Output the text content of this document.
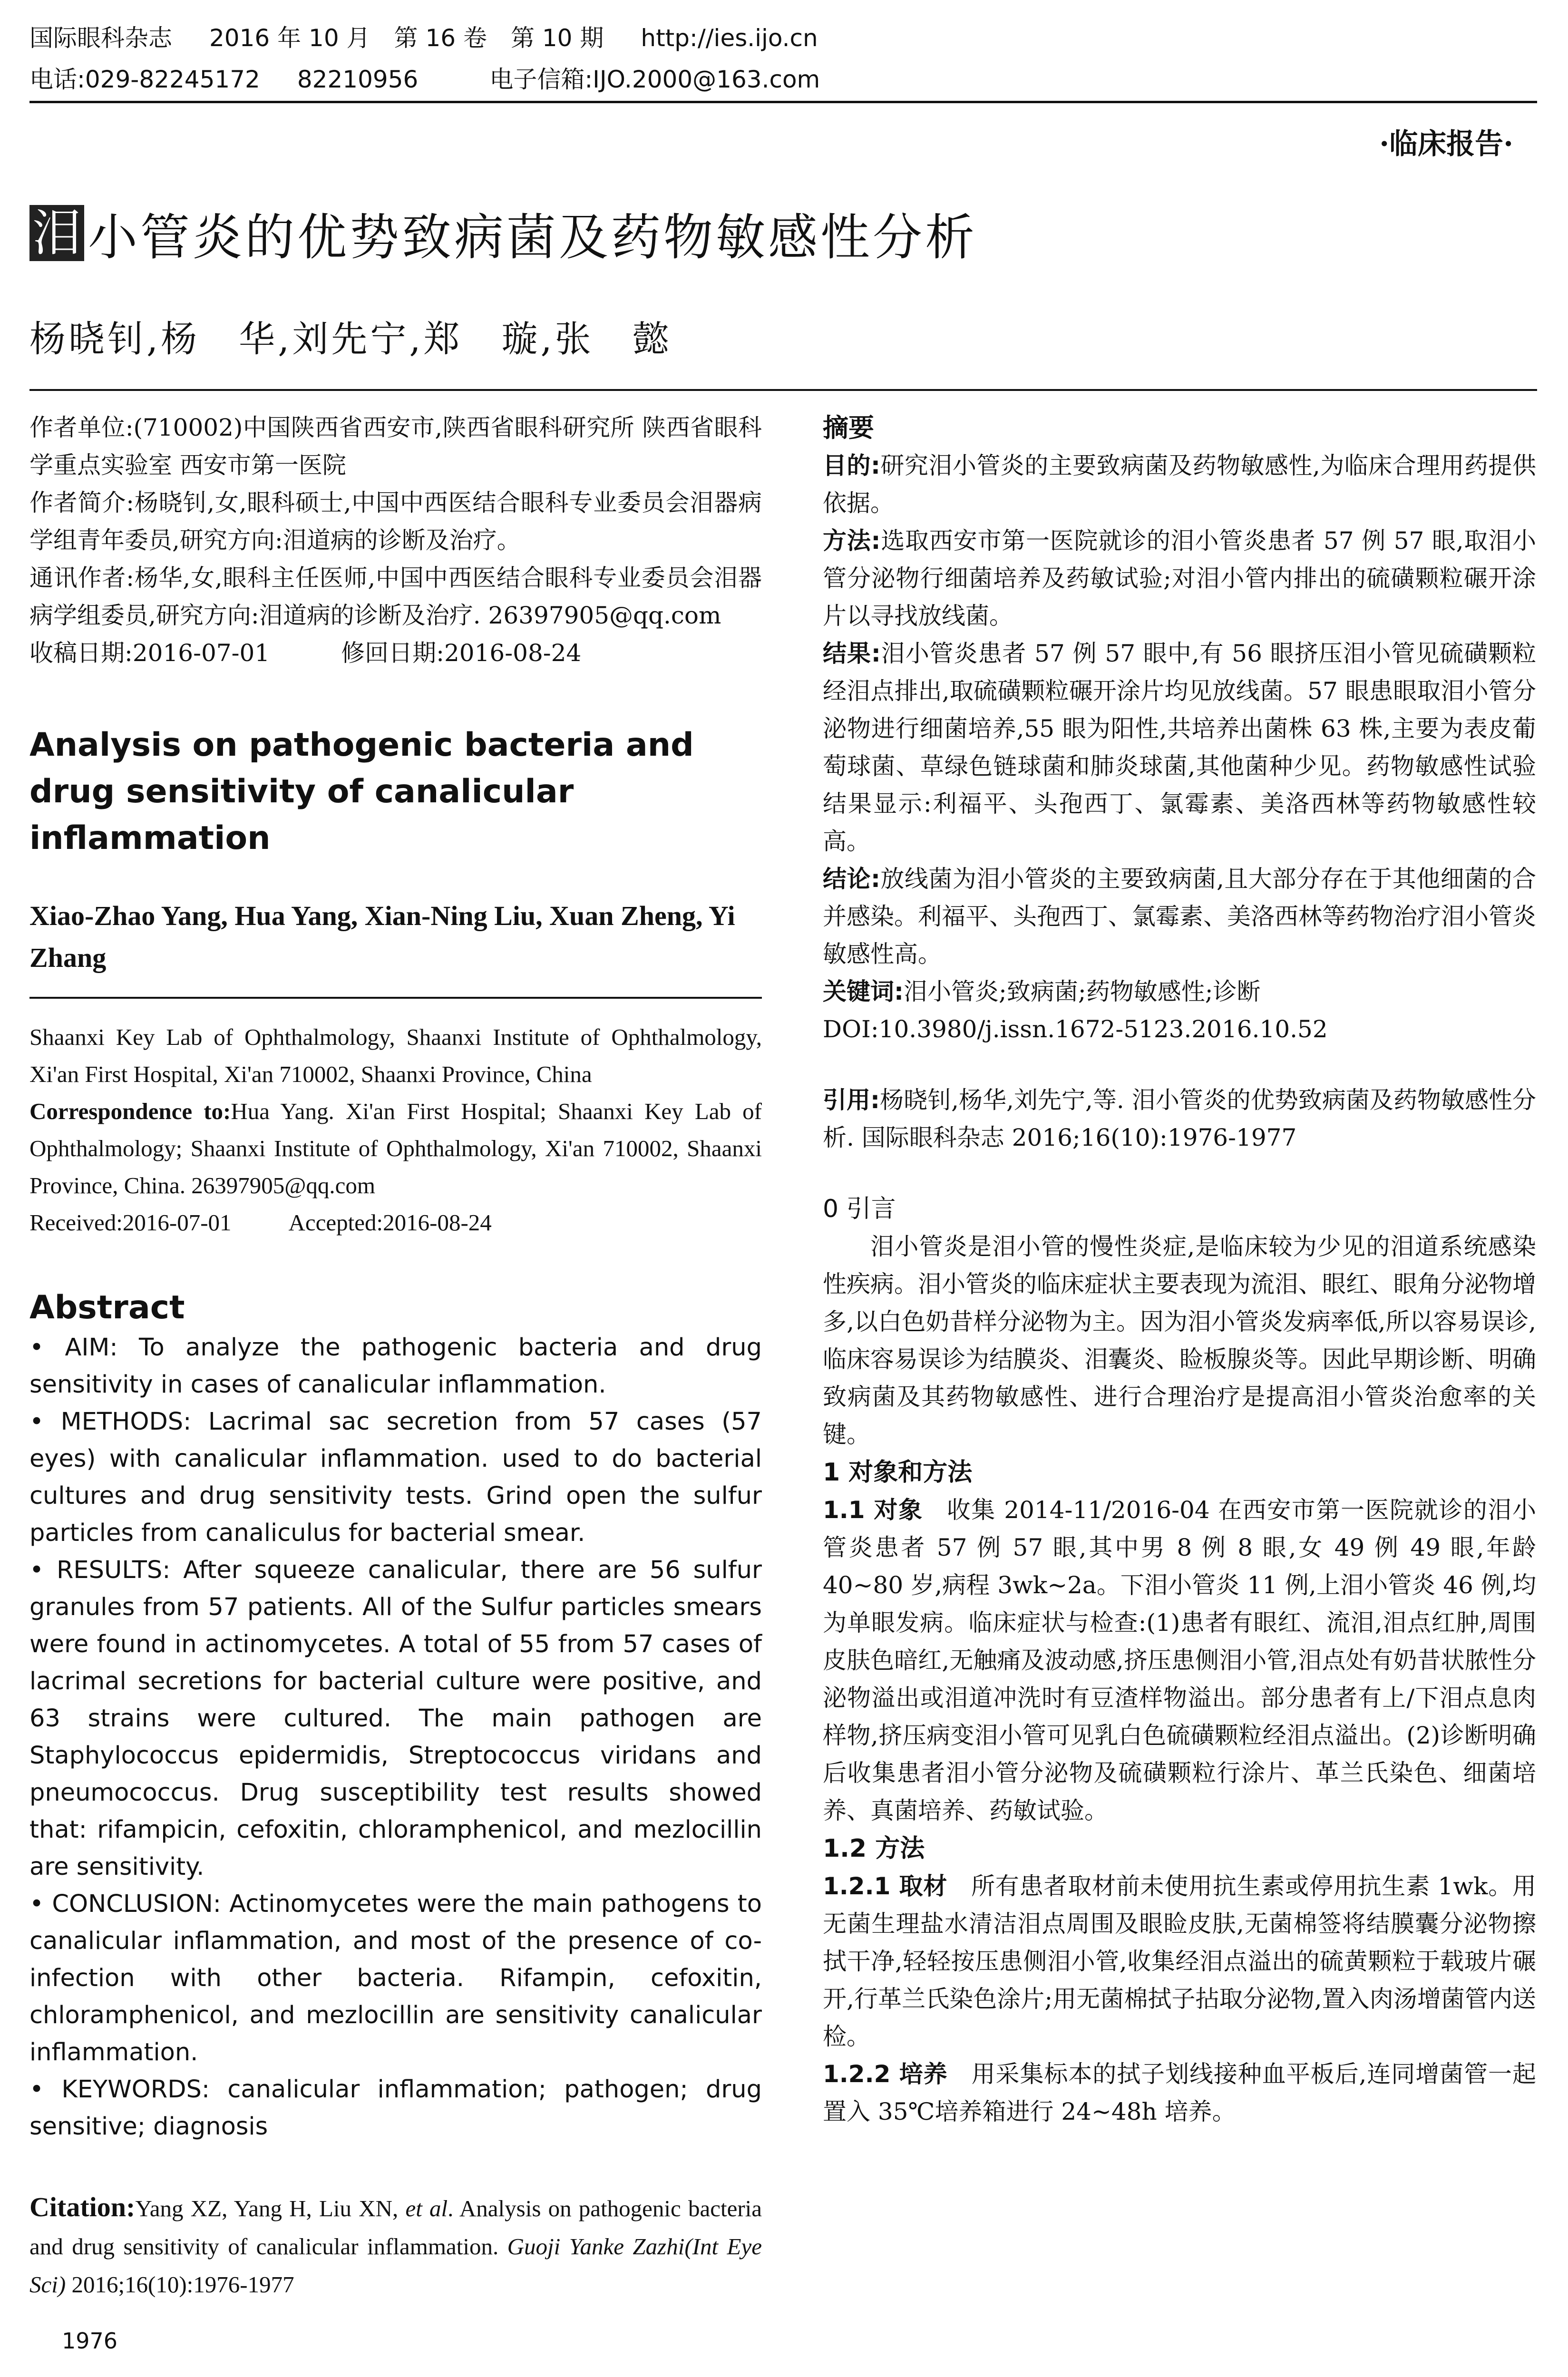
国际眼科杂志 2016 年 10 月　第 16 卷　第 10 期 http://ies.ijo.cn
电话:029-82245172 82210956	电子信箱:IJO.2000@163.com
·临床报告·
泪 小管炎的优势致病菌及药物敏感性分析
杨晓钊,杨　华,刘先宁,郑　璇,张　懿

作者单位:(710002)中国陕西省西安市,陕西省眼科研究所 陕西省眼科学重点实验室 西安市第一医院

作者简介:杨晓钊,女,眼科硕士,中国中西医结合眼科专业委员会泪器病学组青年委员,研究方向:泪道病的诊断及治疗。

通讯作者:杨华,女,眼科主任医师,中国中西医结合眼科专业委员会泪器病学组委员,研究方向:泪道病的诊断及治疗. 26397905@qq.com

收稿日期:2016-07-01	修回日期:2016-08-24

Analysis on pathogenic bacteria and drug sensitivity of canalicular inflammation
Xiao-Zhao Yang, Hua Yang, Xian-Ning Liu, Xuan Zheng, Yi Zhang

Shaanxi Key Lab of Ophthalmology, Shaanxi Institute of Ophthalmology, Xi'an First Hospital, Xi'an 710002, Shaanxi Province, China

Correspondence to:Hua Yang. Xi'an First Hospital; Shaanxi Key Lab of Ophthalmology; Shaanxi Institute of Ophthalmology, Xi'an 710002, Shaanxi Province, China. 26397905@qq.com

Received:2016-07-01 Accepted:2016-08-24

Abstract

• AIM: To analyze the pathogenic bacteria and drug sensitivity in cases of canalicular inflammation.

• METHODS: Lacrimal sac secretion from 57 cases (57 eyes) with canalicular inflammation. used to do bacterial cultures and drug sensitivity tests. Grind open the sulfur particles from canaliculus for bacterial smear.

• RESULTS: After squeeze canalicular, there are 56 sulfur granules from 57 patients. All of the Sulfur particles smears were found in actinomycetes. A total of 55 from 57 cases of lacrimal secretions for bacterial culture were positive, and 63 strains were cultured. The main pathogen are Staphylococcus epidermidis, Streptococcus viridans and pneumococcus. Drug susceptibility test results showed that: rifampicin, cefoxitin, chloramphenicol, and mezlocillin are sensitivity.

• CONCLUSION: Actinomycetes were the main pathogens to canalicular inflammation, and most of the presence of co-infection with other bacteria. Rifampin, cefoxitin, chloramphenicol, and mezlocillin are sensitivity canalicular inflammation.

• KEYWORDS: canalicular inflammation; pathogen; drug sensitive; diagnosis

Citation:Yang XZ, Yang H, Liu XN, et al. Analysis on pathogenic bacteria and drug sensitivity of canalicular inflammation. Guoji Yanke Zazhi(Int Eye Sci) 2016;16(10):1976-1977

1976
摘要

目的:研究泪小管炎的主要致病菌及药物敏感性,为临床合理用药提供依据。

方法:选取西安市第一医院就诊的泪小管炎患者 57 例 57 眼,取泪小管分泌物行细菌培养及药敏试验;对泪小管内排出的硫磺颗粒碾开涂片以寻找放线菌。

结果:泪小管炎患者 57 例 57 眼中,有 56 眼挤压泪小管见硫磺颗粒经泪点排出,取硫磺颗粒碾开涂片均见放线菌。57 眼患眼取泪小管分泌物进行细菌培养,55 眼为阳性,共培养出菌株 63 株,主要为表皮葡萄球菌、草绿色链球菌和肺炎球菌,其他菌种少见。药物敏感性试验结果显示:利福平、头孢西丁、氯霉素、美洛西林等药物敏感性较高。

结论:放线菌为泪小管炎的主要致病菌,且大部分存在于其他细菌的合并感染。利福平、头孢西丁、氯霉素、美洛西林等药物治疗泪小管炎敏感性高。

关键词:泪小管炎;致病菌;药物敏感性;诊断

DOI:10.3980/j.issn.1672-5123.2016.10.52

引用:杨晓钊,杨华,刘先宁,等. 泪小管炎的优势致病菌及药物敏感性分析. 国际眼科杂志 2016;16(10):1976-1977

0 引言

泪小管炎是泪小管的慢性炎症,是临床较为少见的泪道系统感染性疾病。泪小管炎的临床症状主要表现为流泪、眼红、眼角分泌物增多,以白色奶昔样分泌物为主。因为泪小管炎发病率低,所以容易误诊,临床容易误诊为结膜炎、泪囊炎、睑板腺炎等。因此早期诊断、明确致病菌及其药物敏感性、进行合理治疗是提高泪小管炎治愈率的关键。

1 对象和方法

1.1 对象 收集 2014-11/2016-04 在西安市第一医院就诊的泪小管炎患者 57 例 57 眼,其中男 8 例 8 眼,女 49 例 49 眼,年龄 40~80 岁,病程 3wk~2a。下泪小管炎 11 例,上泪小管炎 46 例,均为单眼发病。临床症状与检查:(1)患者有眼红、流泪,泪点红肿,周围皮肤色暗红,无触痛及波动感,挤压患侧泪小管,泪点处有奶昔状脓性分泌物溢出或泪道冲洗时有豆渣样物溢出。部分患者有上/下泪点息肉样物,挤压病变泪小管可见乳白色硫磺颗粒经泪点溢出。(2)诊断明确后收集患者泪小管分泌物及硫磺颗粒行涂片、革兰氏染色、细菌培养、真菌培养、药敏试验。

1.2 方法

1.2.1 取材 所有患者取材前未使用抗生素或停用抗生素 1wk。用无菌生理盐水清洁泪点周围及眼睑皮肤,无菌棉签将结膜囊分泌物擦拭干净,轻轻按压患侧泪小管,收集经泪点溢出的硫黄颗粒于载玻片碾开,行革兰氏染色涂片;用无菌棉拭子拈取分泌物,置入肉汤增菌管内送检。

1.2.2 培养 用采集标本的拭子划线接种血平板后,连同增菌管一起置入 35℃培养箱进行 24~48h 培养。
